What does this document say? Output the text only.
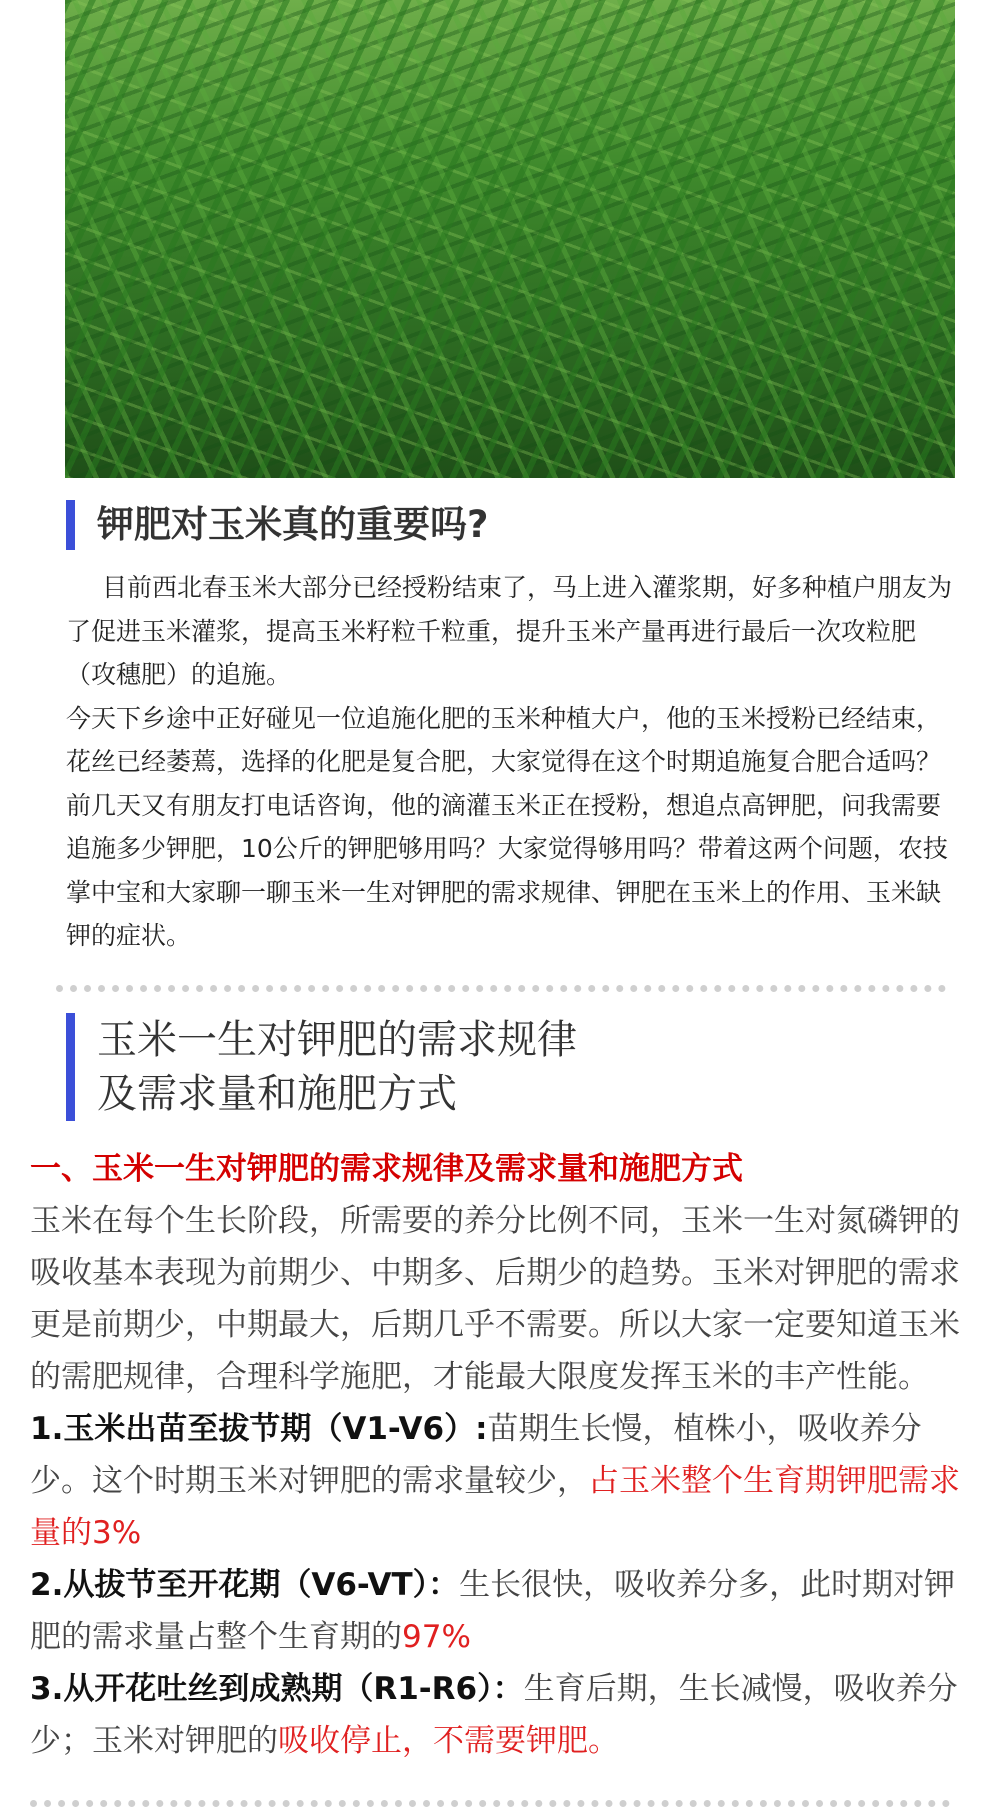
钾肥对玉米真的重要吗?

目前西北春玉米大部分已经授粉结束了，马上进入灌浆期，好多种植户朋友为了促进玉米灌浆，提高玉米籽粒千粒重，提升玉米产量再进行最后一次攻粒肥（攻穗肥）的追施。

今天下乡途中正好碰见一位追施化肥的玉米种植大户，他的玉米授粉已经结束，花丝已经萎蔫，选择的化肥是复合肥，大家觉得在这个时期追施复合肥合适吗？前几天又有朋友打电话咨询，他的滴灌玉米正在授粉，想追点高钾肥，问我需要追施多少钾肥，10公斤的钾肥够用吗？大家觉得够用吗？带着这两个问题，农技掌中宝和大家聊一聊玉米一生对钾肥的需求规律、钾肥在玉米上的作用、玉米缺钾的症状。

玉米一生对钾肥的需求规律
及需求量和施肥方式

一、玉米一生对钾肥的需求规律及需求量和施肥方式

玉米在每个生长阶段，所需要的养分比例不同，玉米一生对氮磷钾的吸收基本表现为前期少、中期多、后期少的趋势。玉米对钾肥的需求更是前期少，中期最大，后期几乎不需要。所以大家一定要知道玉米的需肥规律，合理科学施肥，才能最大限度发挥玉米的丰产性能。

1.玉米出苗至拔节期（V1-V6）:苗期生长慢，植株小，吸收养分少。这个时期玉米对钾肥的需求量较少，占玉米整个生育期钾肥需求量的3%

2.从拔节至开花期（V6-VT）：生长很快，吸收养分多，此时期对钾肥的需求量占整个生育期的97%

3.从开花吐丝到成熟期（R1-R6）：生育后期，生长减慢，吸收养分少；玉米对钾肥的吸收停止，不需要钾肥。
